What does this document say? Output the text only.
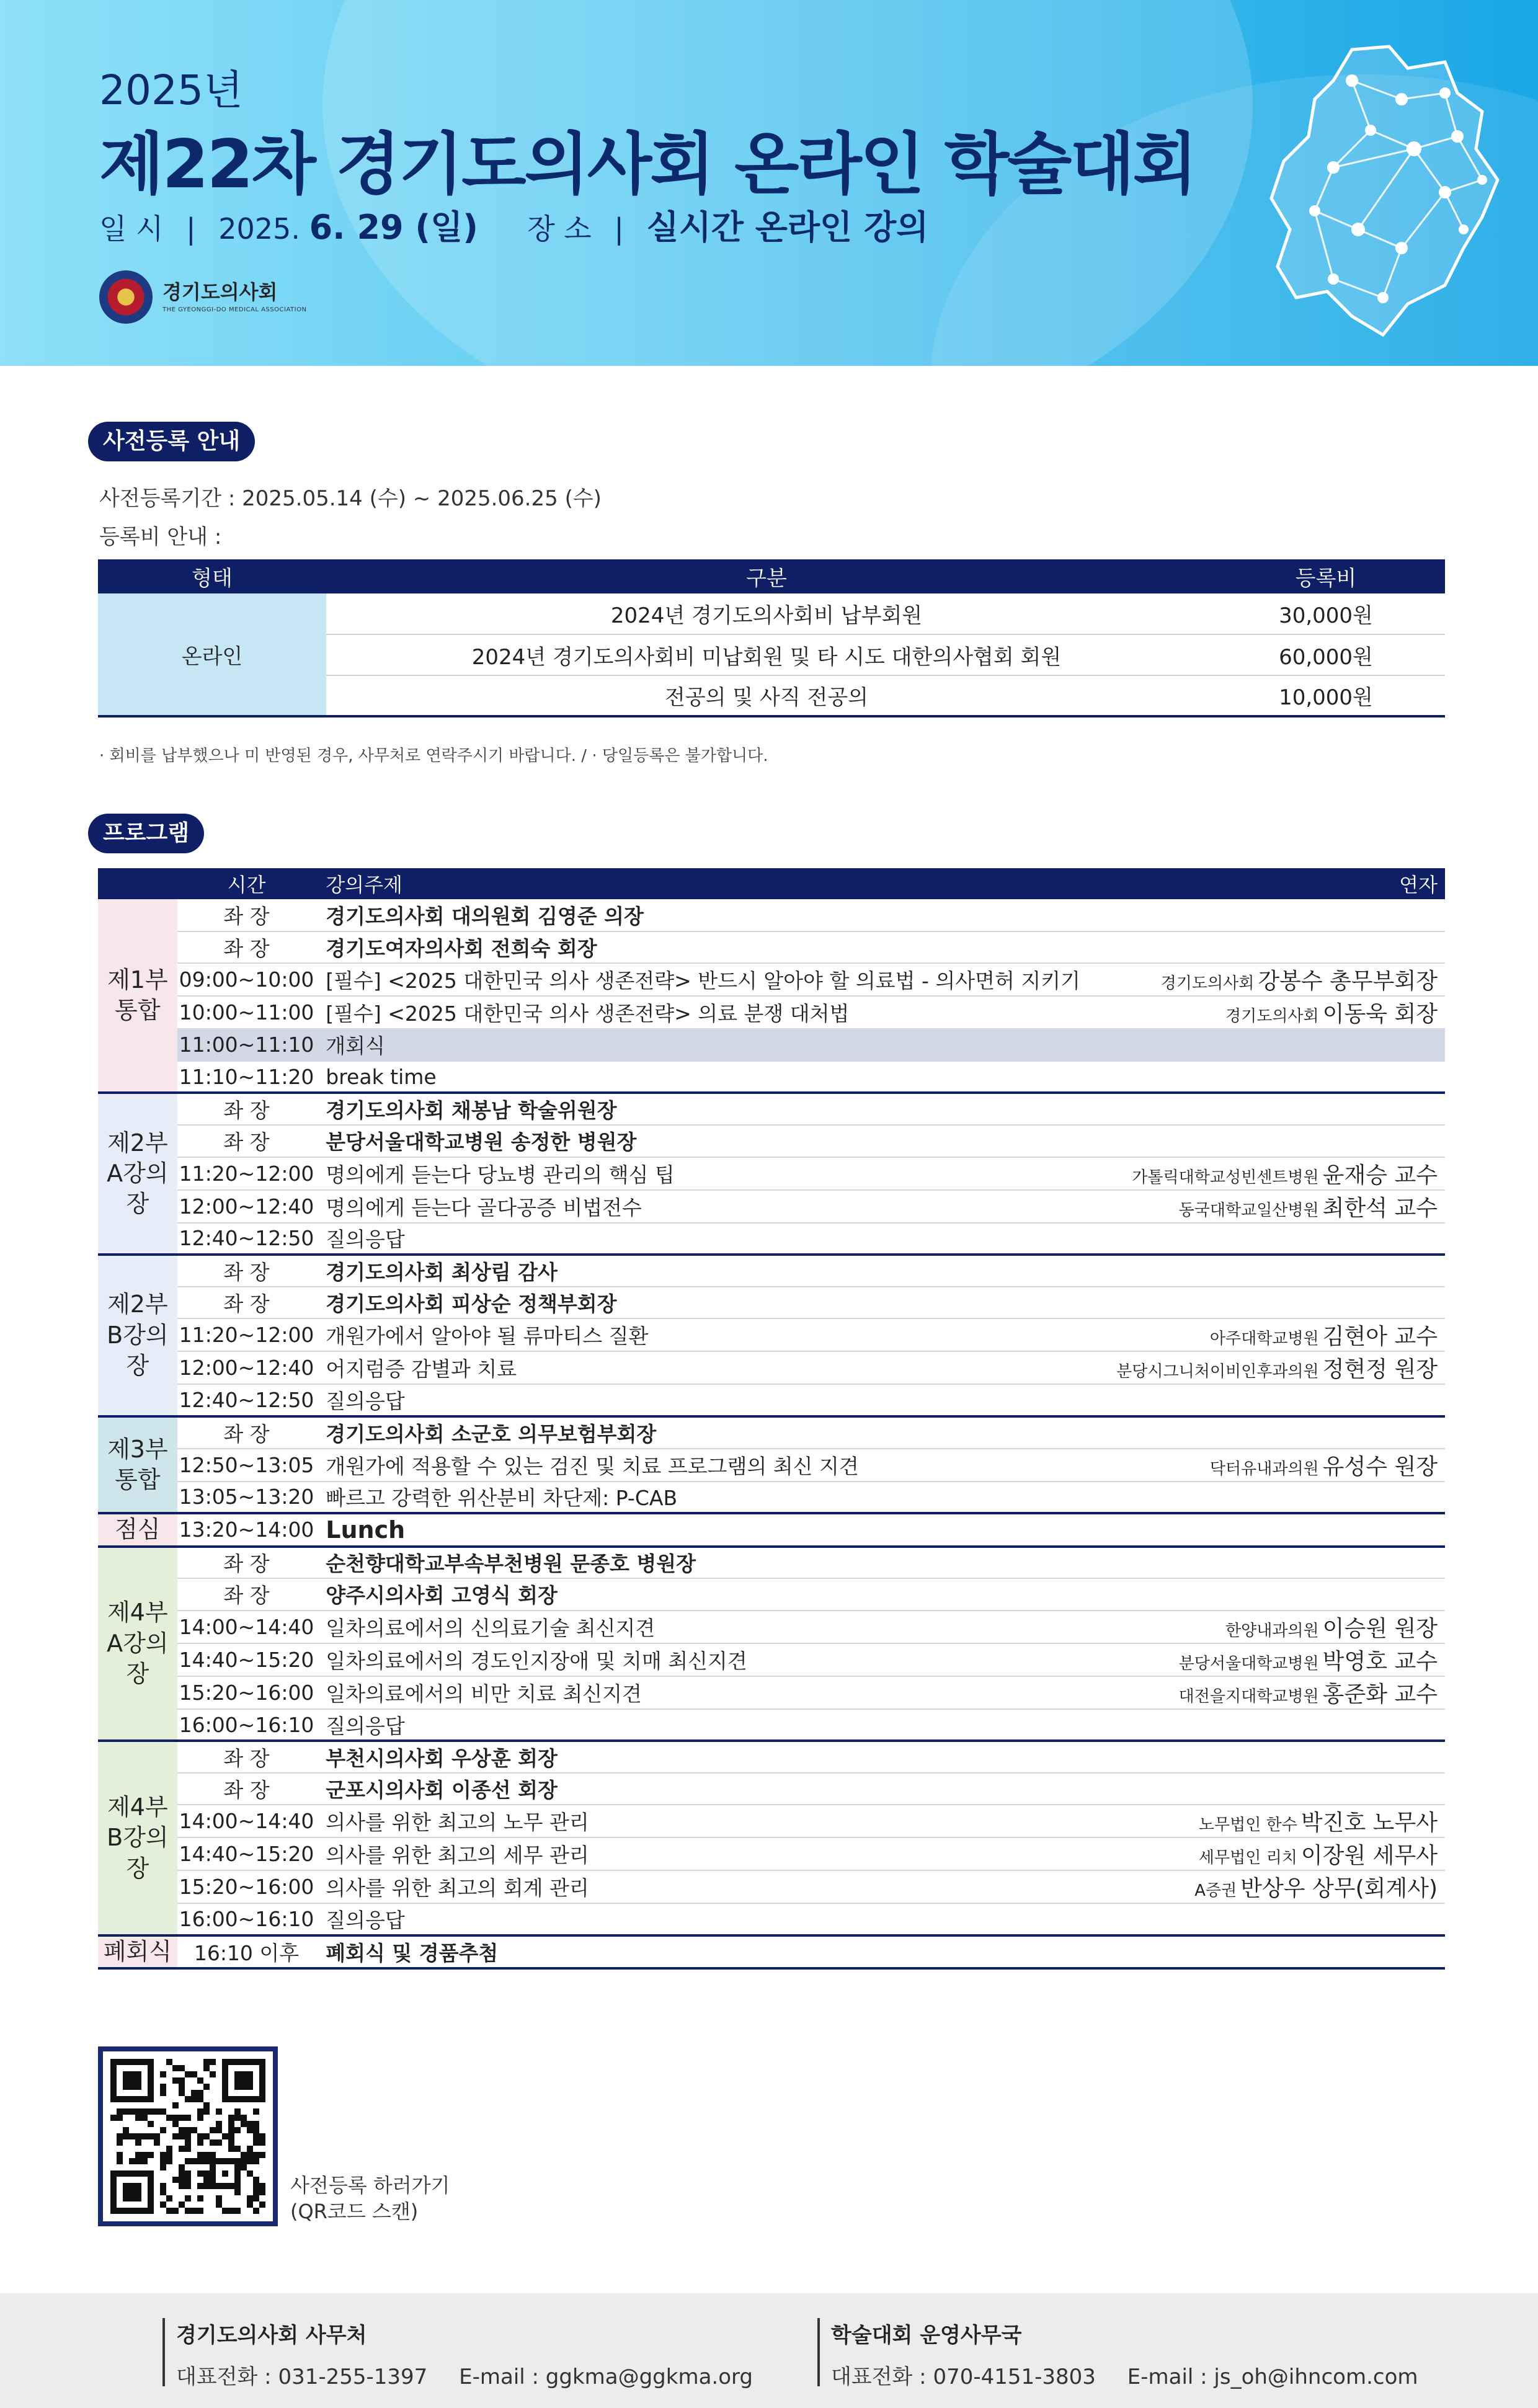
2025년
제22차 경기도의사회 온라인 학술대회
일 시 | 2025. 6. 29 (일) 장 소 | 실시간 온라인 강의
경기도의사회
THE GYEONGGI-DO MEDICAL ASSOCIATION
사전등록 안내
사전등록기간 : 2025.05.14 (수) ~ 2025.06.25 (수)
등록비 안내 :
형태	구분	등록비
온라인	2024년 경기도의사회비 납부회원	30,000원
	2024년 경기도의사회비 미납회원 및 타 시도 대한의사협회 회원	60,000원
	전공의 및 사직 전공의	10,000원
· 회비를 납부했으나 미 반영된 경우, 사무처로 연락주시기 바랍니다. / · 당일등록은 불가합니다.
프로그램
	시간	강의주제	연자
제1부
통합	좌 장	경기도의사회 대의원회 김영준 의장	
	좌 장	경기도여자의사회 전희숙 회장	
	09:00~10:00	[필수] <2025 대한민국 의사 생존전략> 반드시 알아야 할 의료법 - 의사면허 지키기	경기도의사회 강봉수 총무부회장
	10:00~11:00	[필수] <2025 대한민국 의사 생존전략> 의료 분쟁 대처법	경기도의사회 이동욱 회장
	11:00~11:10	개회식	
	11:10~11:20	break time	
제2부
A강의장	좌 장	경기도의사회 채봉남 학술위원장	
	좌 장	분당서울대학교병원 송정한 병원장	
	11:20~12:00	명의에게 듣는다 당뇨병 관리의 핵심 팁	가톨릭대학교성빈센트병원 윤재승 교수
	12:00~12:40	명의에게 듣는다 골다공증 비법전수	동국대학교일산병원 최한석 교수
	12:40~12:50	질의응답	
제2부
B강의장	좌 장	경기도의사회 최상림 감사	
	좌 장	경기도의사회 피상순 정책부회장	
	11:20~12:00	개원가에서 알아야 될 류마티스 질환	아주대학교병원 김현아 교수
	12:00~12:40	어지럼증 감별과 치료	분당시그니처이비인후과의원 정현정 원장
	12:40~12:50	질의응답	
제3부
통합	좌 장	경기도의사회 소군호 의무보험부회장	
	12:50~13:05	개원가에 적용할 수 있는 검진 및 치료 프로그램의 최신 지견	닥터유내과의원 유성수 원장
	13:05~13:20	빠르고 강력한 위산분비 차단제: P-CAB	
점심	13:20~14:00	Lunch	
제4부
A강의장	좌 장	순천향대학교부속부천병원 문종호 병원장	
	좌 장	양주시의사회 고영식 회장	
	14:00~14:40	일차의료에서의 신의료기술 최신지견	한양내과의원 이승원 원장
	14:40~15:20	일차의료에서의 경도인지장애 및 치매 최신지견	분당서울대학교병원 박영호 교수
	15:20~16:00	일차의료에서의 비만 치료 최신지견	대전을지대학교병원 홍준화 교수
	16:00~16:10	질의응답	
제4부
B강의장	좌 장	부천시의사회 우상훈 회장	
	좌 장	군포시의사회 이종선 회장	
	14:00~14:40	의사를 위한 최고의 노무 관리	노무법인 한수 박진호 노무사
	14:40~15:20	의사를 위한 최고의 세무 관리	세무법인 리치 이장원 세무사
	15:20~16:00	의사를 위한 최고의 회계 관리	A증권 반상우 상무(회계사)
	16:00~16:10	질의응답	
폐회식	16:10 이후	폐회식 및 경품추첨	
사전등록 하러가기
(QR코드 스캔)
경기도의사회 사무처
대표전화 : 031-255-1397 E-mail : ggkma@ggkma.org
학술대회 운영사무국
대표전화 : 070-4151-3803 E-mail : js_oh@ihncom.com
